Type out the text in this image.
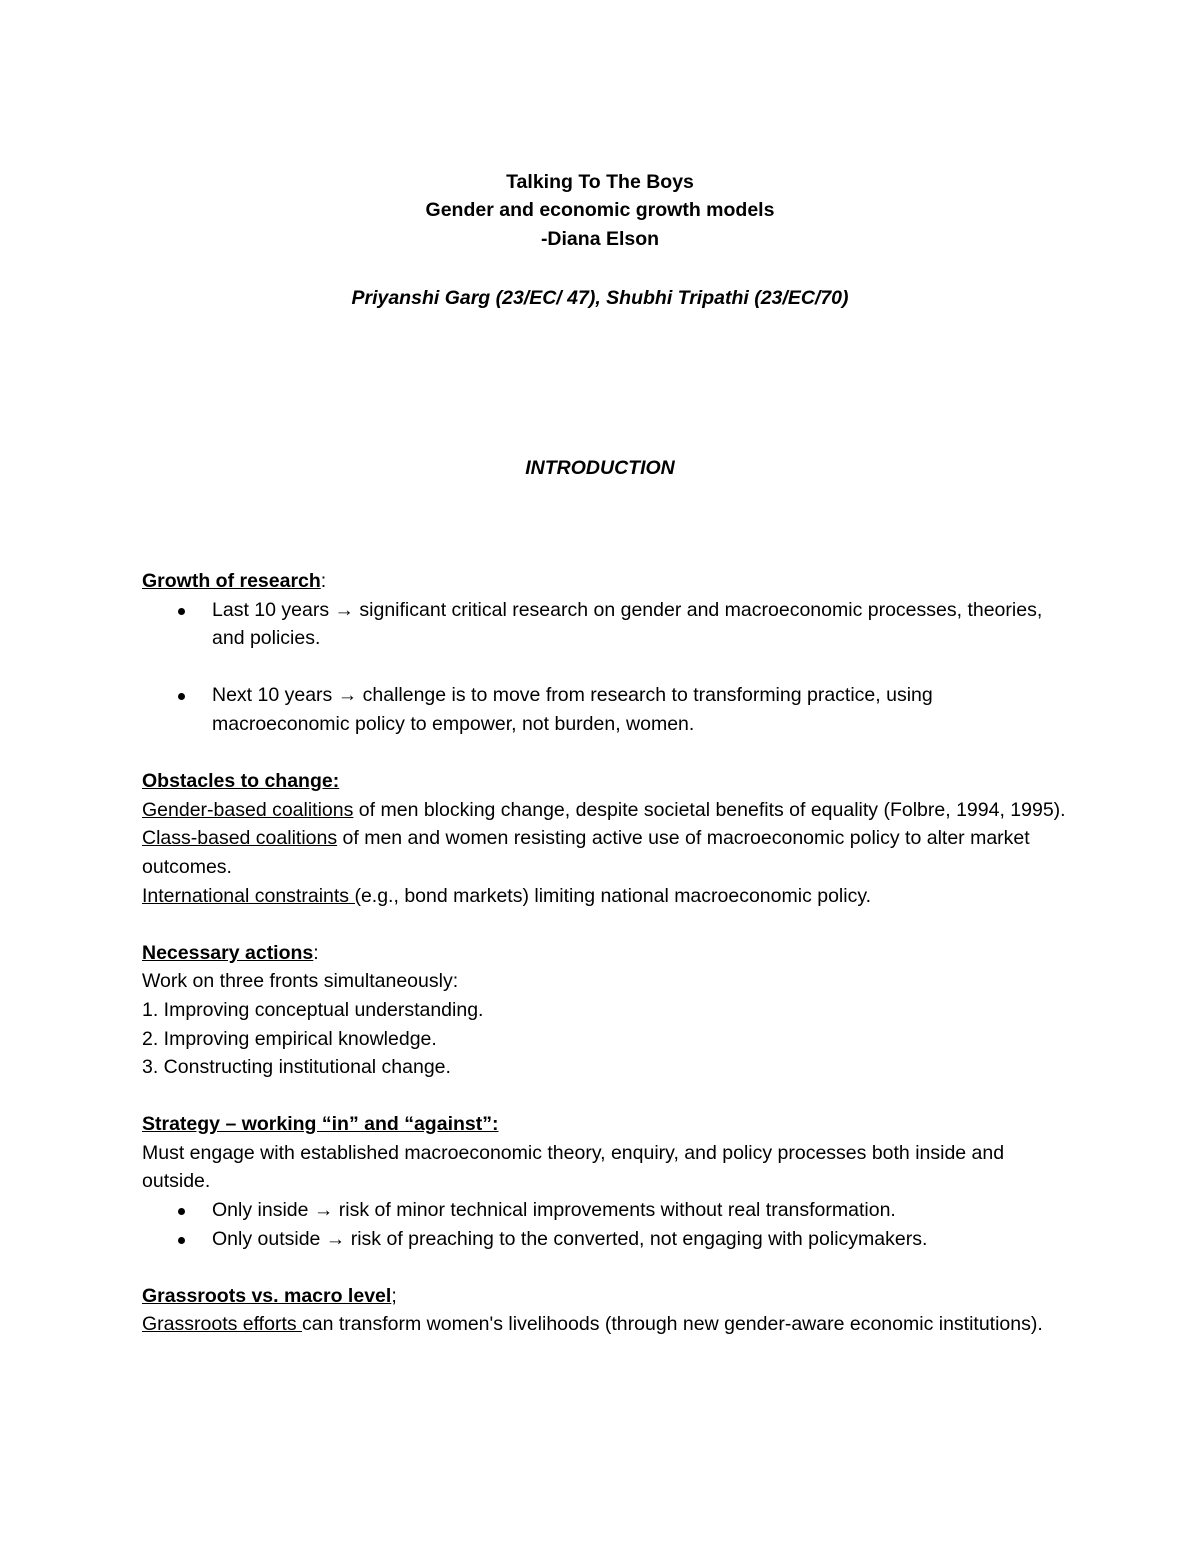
Talking To The Boys
Gender and economic growth models
-Diana Elson
Priyanshi Garg (23/EC/ 47), Shubhi Tripathi (23/EC/70)
INTRODUCTION
Growth of research:
Last 10 years → significant critical research on gender and macroeconomic processes, theories, and policies.
Next 10 years → challenge is to move from research to transforming practice, using macroeconomic policy to empower, not burden, women.
Obstacles to change:
Gender-based coalitions of men blocking change, despite societal benefits of equality (Folbre, 1994, 1995).
Class-based coalitions of men and women resisting active use of macroeconomic policy to alter market outcomes.
International constraints (e.g., bond markets) limiting national macroeconomic policy.
Necessary actions:
Work on three fronts simultaneously:
1. Improving conceptual understanding.
2. Improving empirical knowledge.
3. Constructing institutional change.
Strategy – working “in” and “against”:
Must engage with established macroeconomic theory, enquiry, and policy processes both inside and outside.
Only inside → risk of minor technical improvements without real transformation.
Only outside → risk of preaching to the converted, not engaging with policymakers.
Grassroots vs. macro level;
Grassroots efforts can transform women's livelihoods (through new gender-aware economic institutions).
